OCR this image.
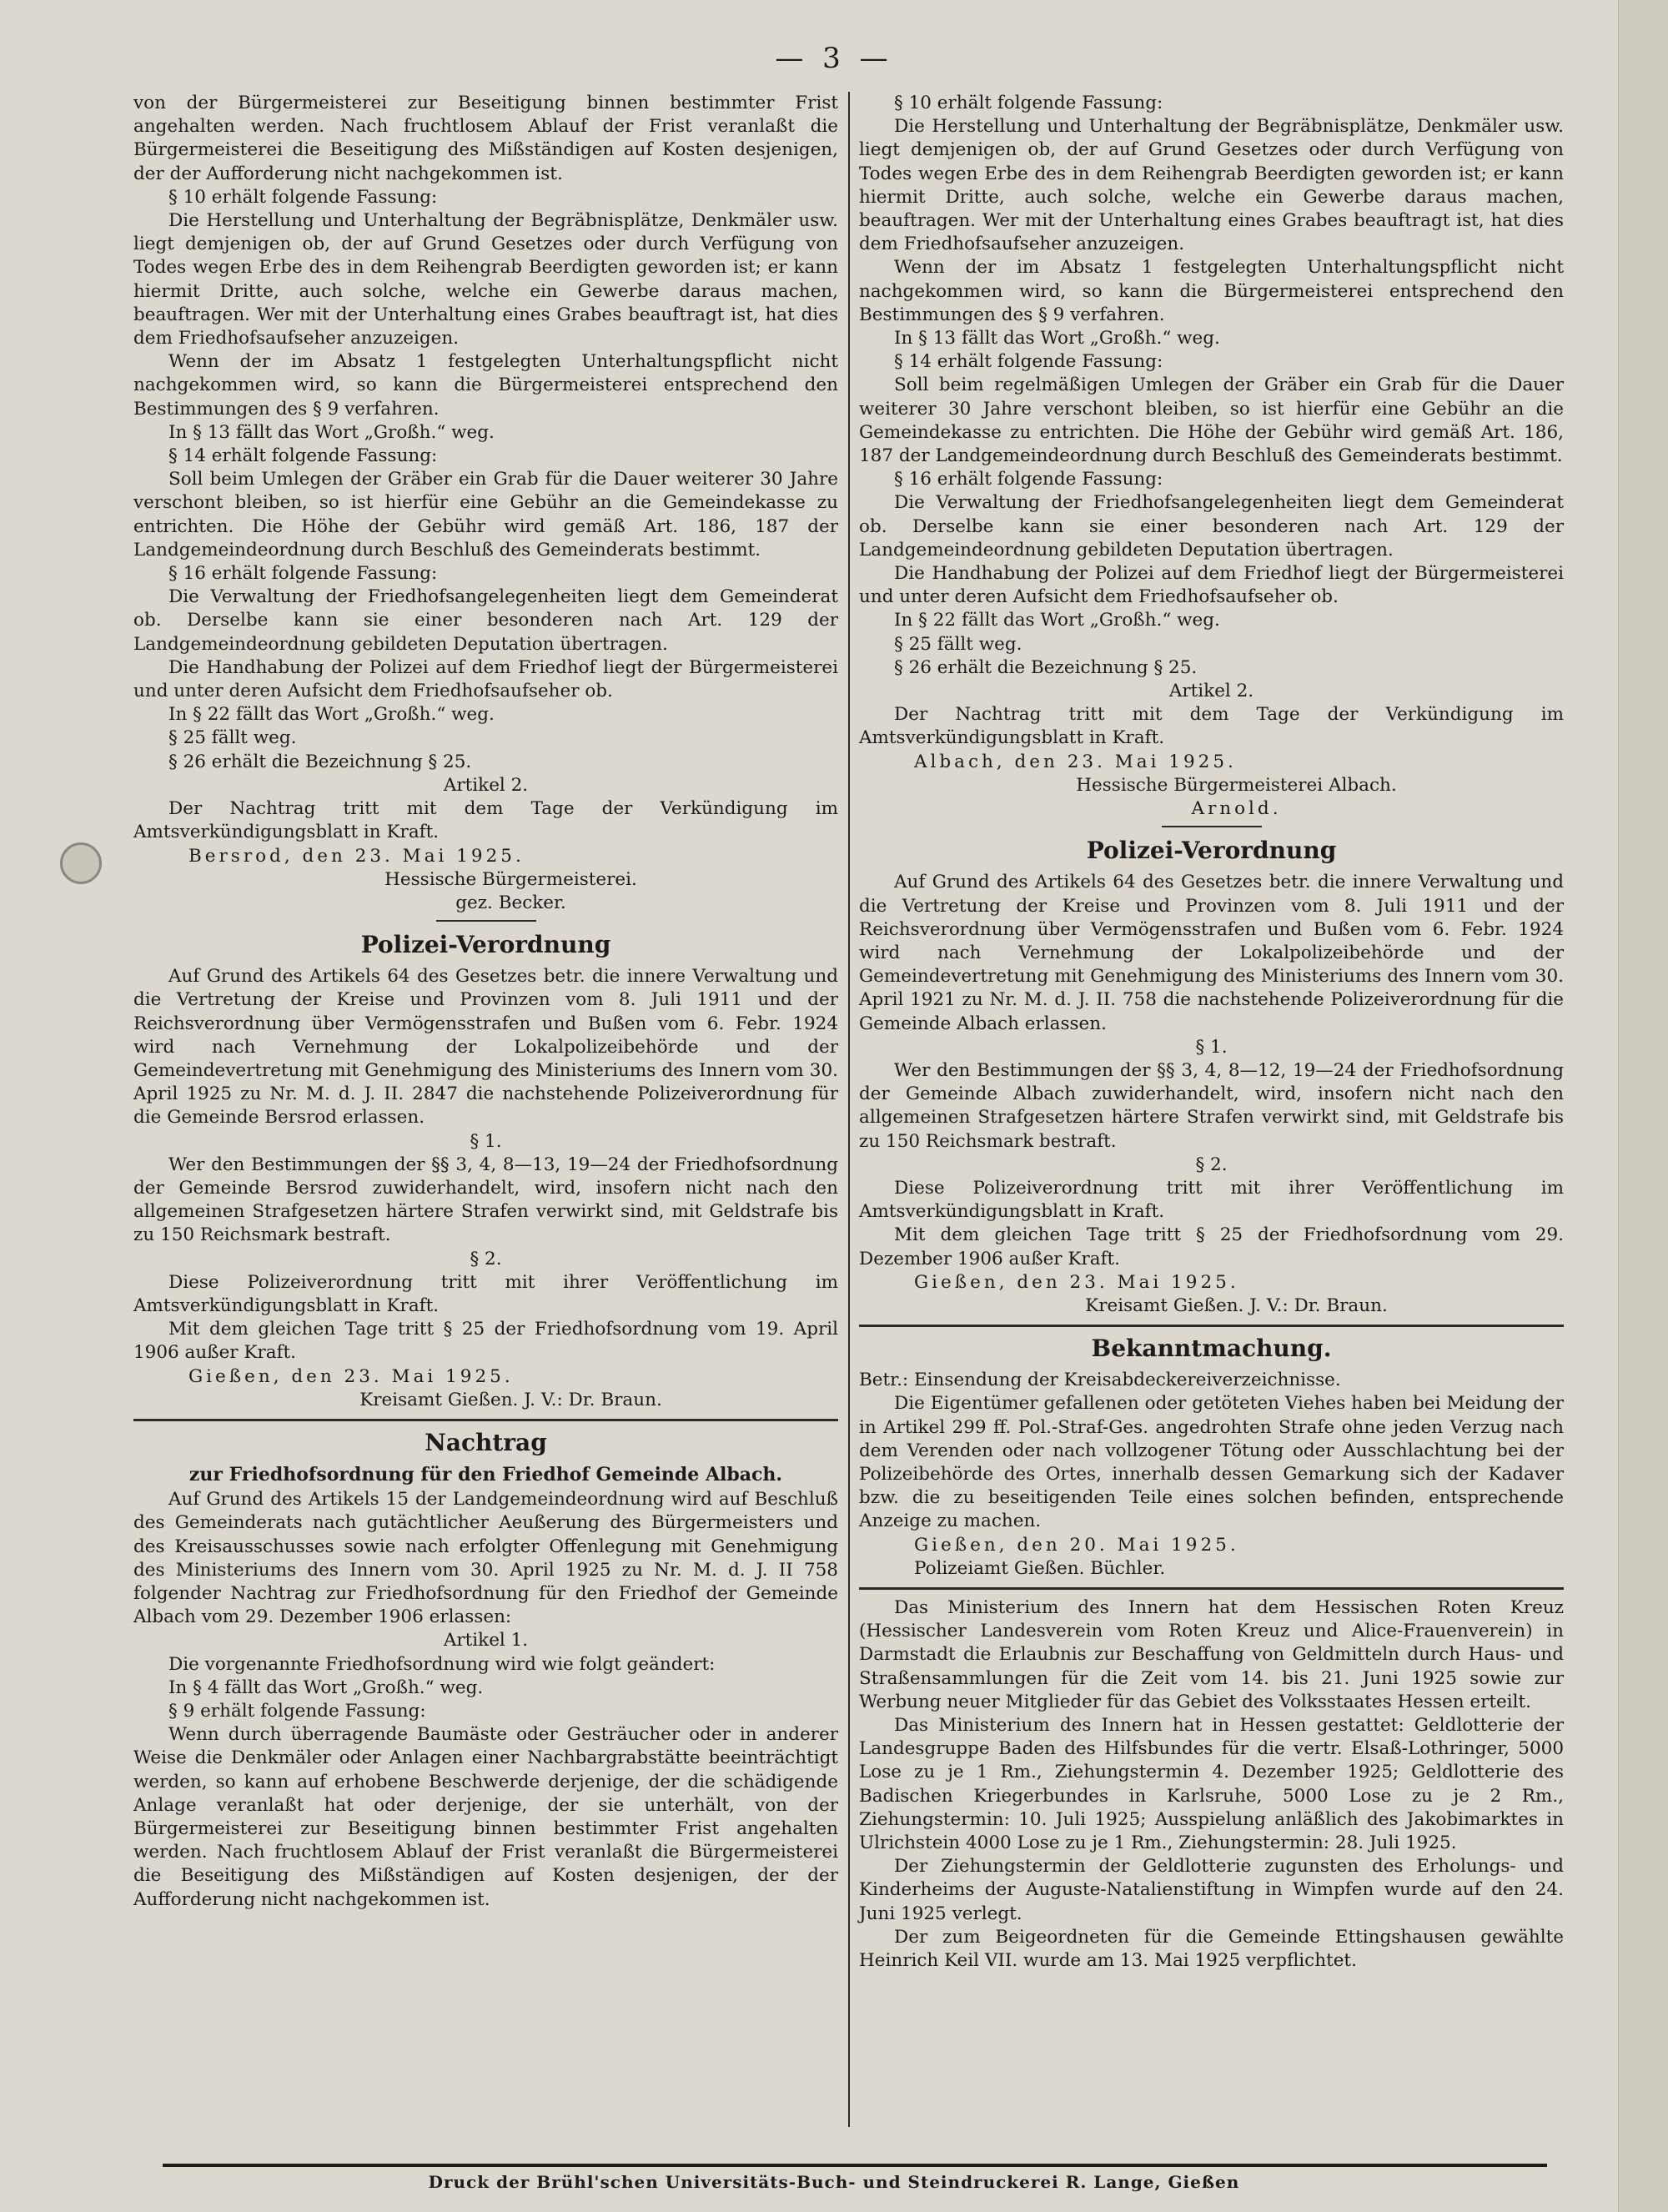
— 3 —

von der Bürgermeisterei zur Beseitigung binnen bestimmter Frist angehalten werden. Nach fruchtlosem Ablauf der Frist veranlaßt die Bürgermeisterei die Beseitigung des Mißständigen auf Kosten desjenigen, der der Aufforderung nicht nachgekommen ist.

§ 10 erhält folgende Fassung:

Die Herstellung und Unterhaltung der Begräbnisplätze, Denkmäler usw. liegt demjenigen ob, der auf Grund Gesetzes oder durch Verfügung von Todes wegen Erbe des in dem Reihengrab Beerdigten geworden ist; er kann hiermit Dritte, auch solche, welche ein Gewerbe daraus machen, beauftragen. Wer mit der Unterhaltung eines Grabes beauftragt ist, hat dies dem Friedhofsaufseher anzuzeigen.

Wenn der im Absatz 1 festgelegten Unterhaltungspflicht nicht nachgekommen wird, so kann die Bürgermeisterei entsprechend den Bestimmungen des § 9 verfahren.

In § 13 fällt das Wort „Großh.“ weg.

§ 14 erhält folgende Fassung:

Soll beim Umlegen der Gräber ein Grab für die Dauer weiterer 30 Jahre verschont bleiben, so ist hierfür eine Gebühr an die Gemeindekasse zu entrichten. Die Höhe der Gebühr wird gemäß Art. 186, 187 der Landgemeindeordnung durch Beschluß des Gemeinderats bestimmt.

§ 16 erhält folgende Fassung:

Die Verwaltung der Friedhofsangelegenheiten liegt dem Gemeinderat ob. Derselbe kann sie einer besonderen nach Art. 129 der Landgemeindeordnung gebildeten Deputation übertragen.

Die Handhabung der Polizei auf dem Friedhof liegt der Bürgermeisterei und unter deren Aufsicht dem Friedhofsaufseher ob.

In § 22 fällt das Wort „Großh.“ weg.

§ 25 fällt weg.

§ 26 erhält die Bezeichnung § 25.

Artikel 2.

Der Nachtrag tritt mit dem Tage der Verkündigung im Amtsverkündigungsblatt in Kraft.

Bersrod, den 23. Mai 1925.

Hessische Bürgermeisterei.

gez. Becker.

Polizei-Verordnung

Auf Grund des Artikels 64 des Gesetzes betr. die innere Verwaltung und die Vertretung der Kreise und Provinzen vom 8. Juli 1911 und der Reichsverordnung über Vermögensstrafen und Bußen vom 6. Febr. 1924 wird nach Vernehmung der Lokalpolizeibehörde und der Gemeindevertretung mit Genehmigung des Ministeriums des Innern vom 30. April 1925 zu Nr. M. d. J. II. 2847 die nachstehende Polizeiverordnung für die Gemeinde Bersrod erlassen.

§ 1.

Wer den Bestimmungen der §§ 3, 4, 8—13, 19—24 der Friedhofsordnung der Gemeinde Bersrod zuwiderhandelt, wird, insofern nicht nach den allgemeinen Strafgesetzen härtere Strafen verwirkt sind, mit Geldstrafe bis zu 150 Reichsmark bestraft.

§ 2.

Diese Polizeiverordnung tritt mit ihrer Veröffentlichung im Amtsverkündigungsblatt in Kraft.

Mit dem gleichen Tage tritt § 25 der Friedhofsordnung vom 19. April 1906 außer Kraft.

Gießen, den 23. Mai 1925.

Kreisamt Gießen. J. V.: Dr. Braun.

Nachtrag
zur Friedhofsordnung für den Friedhof Gemeinde Albach.

Auf Grund des Artikels 15 der Landgemeindeordnung wird auf Beschluß des Gemeinderats nach gutächtlicher Aeußerung des Bürgermeisters und des Kreisausschusses sowie nach erfolgter Offenlegung mit Genehmigung des Ministeriums des Innern vom 30. April 1925 zu Nr. M. d. J. II 758 folgender Nachtrag zur Friedhofsordnung für den Friedhof der Gemeinde Albach vom 29. Dezember 1906 erlassen:

Artikel 1.

Die vorgenannte Friedhofsordnung wird wie folgt geändert:

In § 4 fällt das Wort „Großh.“ weg.

§ 9 erhält folgende Fassung:

Wenn durch überragende Baumäste oder Gesträucher oder in anderer Weise die Denkmäler oder Anlagen einer Nachbargrabstätte beeinträchtigt werden, so kann auf erhobene Beschwerde derjenige, der die schädigende Anlage veranlaßt hat oder derjenige, der sie unterhält, von der Bürgermeisterei zur Beseitigung binnen bestimmter Frist angehalten werden. Nach fruchtlosem Ablauf der Frist veranlaßt die Bürgermeisterei die Beseitigung des Mißständigen auf Kosten desjenigen, der der Aufforderung nicht nachgekommen ist.

§ 10 erhält folgende Fassung:

Die Herstellung und Unterhaltung der Begräbnisplätze, Denkmäler usw. liegt demjenigen ob, der auf Grund Gesetzes oder durch Verfügung von Todes wegen Erbe des in dem Reihengrab Beerdigten geworden ist; er kann hiermit Dritte, auch solche, welche ein Gewerbe daraus machen, beauftragen. Wer mit der Unterhaltung eines Grabes beauftragt ist, hat dies dem Friedhofsaufseher anzuzeigen.

Wenn der im Absatz 1 festgelegten Unterhaltungspflicht nicht nachgekommen wird, so kann die Bürgermeisterei entsprechend den Bestimmungen des § 9 verfahren.

In § 13 fällt das Wort „Großh.“ weg.

§ 14 erhält folgende Fassung:

Soll beim regelmäßigen Umlegen der Gräber ein Grab für die Dauer weiterer 30 Jahre verschont bleiben, so ist hierfür eine Gebühr an die Gemeindekasse zu entrichten. Die Höhe der Gebühr wird gemäß Art. 186, 187 der Landgemeindeordnung durch Beschluß des Gemeinderats bestimmt.

§ 16 erhält folgende Fassung:

Die Verwaltung der Friedhofsangelegenheiten liegt dem Gemeinderat ob. Derselbe kann sie einer besonderen nach Art. 129 der Landgemeindeordnung gebildeten Deputation übertragen.

Die Handhabung der Polizei auf dem Friedhof liegt der Bürgermeisterei und unter deren Aufsicht dem Friedhofsaufseher ob.

In § 22 fällt das Wort „Großh.“ weg.

§ 25 fällt weg.

§ 26 erhält die Bezeichnung § 25.

Artikel 2.

Der Nachtrag tritt mit dem Tage der Verkündigung im Amtsverkündigungsblatt in Kraft.

Albach, den 23. Mai 1925.

Hessische Bürgermeisterei Albach.

Arnold.

Polizei-Verordnung

Auf Grund des Artikels 64 des Gesetzes betr. die innere Verwaltung und die Vertretung der Kreise und Provinzen vom 8. Juli 1911 und der Reichsverordnung über Vermögensstrafen und Bußen vom 6. Febr. 1924 wird nach Vernehmung der Lokalpolizeibehörde und der Gemeindevertretung mit Genehmigung des Ministeriums des Innern vom 30. April 1921 zu Nr. M. d. J. II. 758 die nachstehende Polizeiverordnung für die Gemeinde Albach erlassen.

§ 1.

Wer den Bestimmungen der §§ 3, 4, 8—12, 19—24 der Friedhofsordnung der Gemeinde Albach zuwiderhandelt, wird, insofern nicht nach den allgemeinen Strafgesetzen härtere Strafen verwirkt sind, mit Geldstrafe bis zu 150 Reichsmark bestraft.

§ 2.

Diese Polizeiverordnung tritt mit ihrer Veröffentlichung im Amtsverkündigungsblatt in Kraft.

Mit dem gleichen Tage tritt § 25 der Friedhofsordnung vom 29. Dezember 1906 außer Kraft.

Gießen, den 23. Mai 1925.

Kreisamt Gießen. J. V.: Dr. Braun.

Bekanntmachung.

Betr.: Einsendung der Kreisabdeckereiverzeichnisse.

Die Eigentümer gefallenen oder getöteten Viehes haben bei Meidung der in Artikel 299 ff. Pol.-Straf-Ges. angedrohten Strafe ohne jeden Verzug nach dem Verenden oder nach vollzogener Tötung oder Ausschlachtung bei der Polizeibehörde des Ortes, innerhalb dessen Gemarkung sich der Kadaver bzw. die zu beseitigenden Teile eines solchen befinden, entsprechende Anzeige zu machen.

Gießen, den 20. Mai 1925.

Polizeiamt Gießen. Büchler.

Das Ministerium des Innern hat dem Hessischen Roten Kreuz (Hessischer Landesverein vom Roten Kreuz und Alice-Frauenverein) in Darmstadt die Erlaubnis zur Beschaffung von Geldmitteln durch Haus- und Straßensammlungen für die Zeit vom 14. bis 21. Juni 1925 sowie zur Werbung neuer Mitglieder für das Gebiet des Volksstaates Hessen erteilt.

Das Ministerium des Innern hat in Hessen gestattet: Geldlotterie der Landesgruppe Baden des Hilfsbundes für die vertr. Elsaß-Lothringer, 5000 Lose zu je 1 Rm., Ziehungstermin 4. Dezember 1925; Geldlotterie des Badischen Kriegerbundes in Karlsruhe, 5000 Lose zu je 2 Rm., Ziehungstermin: 10. Juli 1925; Ausspielung anläßlich des Jakobimarktes in Ulrichstein 4000 Lose zu je 1 Rm., Ziehungstermin: 28. Juli 1925.

Der Ziehungstermin der Geldlotterie zugunsten des Erholungs- und Kinderheims der Auguste-Natalienstiftung in Wimpfen wurde auf den 24. Juni 1925 verlegt.

Der zum Beigeordneten für die Gemeinde Ettingshausen gewählte Heinrich Keil VII. wurde am 13. Mai 1925 verpflichtet.

Druck der Brühl'schen Universitäts-Buch- und Steindruckerei R. Lange, Gießen
